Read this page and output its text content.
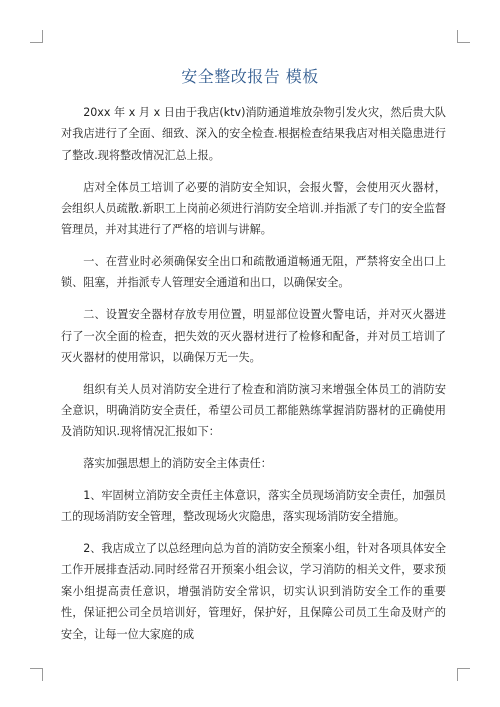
安全整改报告 模板

20xx 年 x 月 x 日由于我店(ktv)消防通道堆放杂物引发火灾，然后贵大队对我店进行了全面、细致、深入的安全检查.根据检查结果我店对相关隐患进行了整改.现将整改情况汇总上报。

店对全体员工培训了必要的消防安全知识，会报火警，会使用灭火器材，会组织人员疏散.新职工上岗前必须进行消防安全培训.并指派了专门的安全监督管理员，并对其进行了严格的培训与讲解。

一、在营业时必须确保安全出口和疏散通道畅通无阻，严禁将安全出口上锁、阻塞，并指派专人管理安全通道和出口，以确保安全。

二、设置安全器材存放专用位置，明显部位设置火警电话，并对灭火器进行了一次全面的检查，把失效的灭火器材进行了检修和配备，并对员工培训了灭火器材的使用常识，以确保万无一失。

组织有关人员对消防安全进行了检查和消防演习来增强全体员工的消防安全意识，明确消防安全责任，希望公司员工都能熟练掌握消防器材的正确使用及消防知识.现将情况汇报如下：

落实加强思想上的消防安全主体责任：

1、牢固树立消防安全责任主体意识，落实全员现场消防安全责任，加强员工的现场消防安全管理，整改现场火灾隐患，落实现场消防安全措施。

2、我店成立了以总经理向总为首的消防安全预案小组，针对各项具体安全工作开展排查活动.同时经常召开预案小组会议，学习消防的相关文件，要求预案小组提高责任意识，增强消防安全常识，切实认识到消防安全工作的重要性，保证把公司全员培训好，管理好，保护好，且保障公司员工生命及财产的安全，让每一位大家庭的成
